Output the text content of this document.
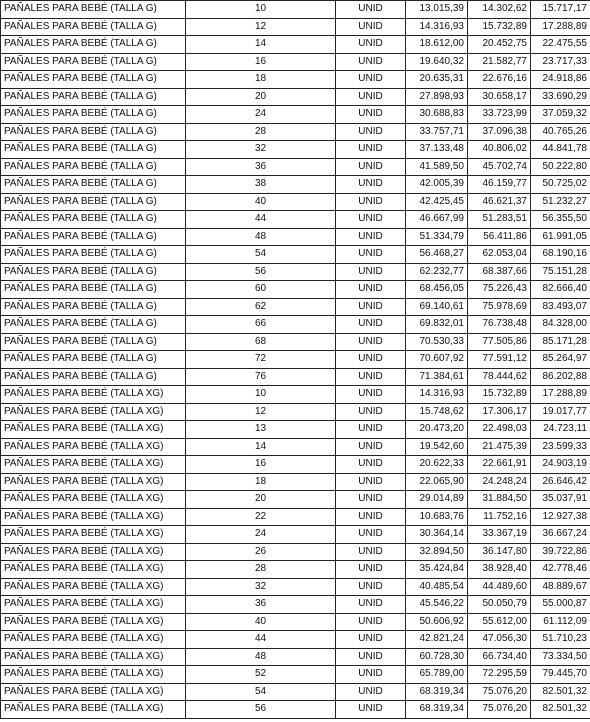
PAÑALES PARA BEBÉ (TALLA G)	10	UNID	13.015,39	14.302,62	15.717,17
PAÑALES PARA BEBÉ (TALLA G)	12	UNID	14.316,93	15.732,89	17.288,89
PAÑALES PARA BEBÉ (TALLA G)	14	UNID	18.612,00	20.452,75	22.475,55
PAÑALES PARA BEBÉ (TALLA G)	16	UNID	19.640,32	21.582,77	23.717,33
PAÑALES PARA BEBÉ (TALLA G)	18	UNID	20.635,31	22.676,16	24.918,86
PAÑALES PARA BEBÉ (TALLA G)	20	UNID	27.898,93	30.658,17	33.690,29
PAÑALES PARA BEBÉ (TALLA G)	24	UNID	30.688,83	33.723,99	37.059,32
PAÑALES PARA BEBÉ (TALLA G)	28	UNID	33.757,71	37.096,38	40.765,26
PAÑALES PARA BEBÉ (TALLA G)	32	UNID	37.133,48	40.806,02	44.841,78
PAÑALES PARA BEBÉ (TALLA G)	36	UNID	41.589,50	45.702,74	50.222,80
PAÑALES PARA BEBÉ (TALLA G)	38	UNID	42.005,39	46.159,77	50.725,02
PAÑALES PARA BEBÉ (TALLA G)	40	UNID	42.425,45	46.621,37	51.232,27
PAÑALES PARA BEBÉ (TALLA G)	44	UNID	46.667,99	51.283,51	56.355,50
PAÑALES PARA BEBÉ (TALLA G)	48	UNID	51.334,79	56.411,86	61.991,05
PAÑALES PARA BEBÉ (TALLA G)	54	UNID	56.468,27	62.053,04	68.190,16
PAÑALES PARA BEBÉ (TALLA G)	56	UNID	62.232,77	68.387,66	75.151,28
PAÑALES PARA BEBÉ (TALLA G)	60	UNID	68.456,05	75.226,43	82.666,40
PAÑALES PARA BEBÉ (TALLA G)	62	UNID	69.140,61	75.978,69	83.493,07
PAÑALES PARA BEBÉ (TALLA G)	66	UNID	69.832,01	76.738,48	84.328,00
PAÑALES PARA BEBÉ (TALLA G)	68	UNID	70.530,33	77.505,86	85.171,28
PAÑALES PARA BEBÉ (TALLA G)	72	UNID	70.607,92	77.591,12	85.264,97
PAÑALES PARA BEBÉ (TALLA G)	76	UNID	71.384,61	78.444,62	86.202,88
PAÑALES PARA BEBÉ (TALLA XG)	10	UNID	14.316,93	15.732,89	17.288,89
PAÑALES PARA BEBÉ (TALLA XG)	12	UNID	15.748,62	17.306,17	19.017,77
PAÑALES PARA BEBÉ (TALLA XG)	13	UNID	20.473,20	22.498,03	24.723,11
PAÑALES PARA BEBÉ (TALLA XG)	14	UNID	19.542,60	21.475,39	23.599,33
PAÑALES PARA BEBÉ (TALLA XG)	16	UNID	20.622,33	22.661,91	24.903,19
PAÑALES PARA BEBÉ (TALLA XG)	18	UNID	22.065,90	24.248,24	26.646,42
PAÑALES PARA BEBÉ (TALLA XG)	20	UNID	29.014,89	31.884,50	35.037,91
PAÑALES PARA BEBÉ (TALLA XG)	22	UNID	10.683,76	11.752,16	12.927,38
PAÑALES PARA BEBÉ (TALLA XG)	24	UNID	30.364,14	33.367,19	36.667,24
PAÑALES PARA BEBÉ (TALLA XG)	26	UNID	32.894,50	36.147,80	39.722,86
PAÑALES PARA BEBÉ (TALLA XG)	28	UNID	35.424,84	38.928,40	42.778,46
PAÑALES PARA BEBÉ (TALLA XG)	32	UNID	40.485,54	44.489,60	48.889,67
PAÑALES PARA BEBÉ (TALLA XG)	36	UNID	45.546,22	50.050,79	55.000,87
PAÑALES PARA BEBÉ (TALLA XG)	40	UNID	50.606,92	55.612,00	61.112,09
PAÑALES PARA BEBÉ (TALLA XG)	44	UNID	42.821,24	47.056,30	51.710,23
PAÑALES PARA BEBÉ (TALLA XG)	48	UNID	60.728,30	66.734,40	73.334,50
PAÑALES PARA BEBÉ (TALLA XG)	52	UNID	65.789,00	72.295,59	79.445,70
PAÑALES PARA BEBÉ (TALLA XG)	54	UNID	68.319,34	75.076,20	82.501,32
PAÑALES PARA BEBÉ (TALLA XG)	56	UNID	68.319,34	75.076,20	82.501,32
